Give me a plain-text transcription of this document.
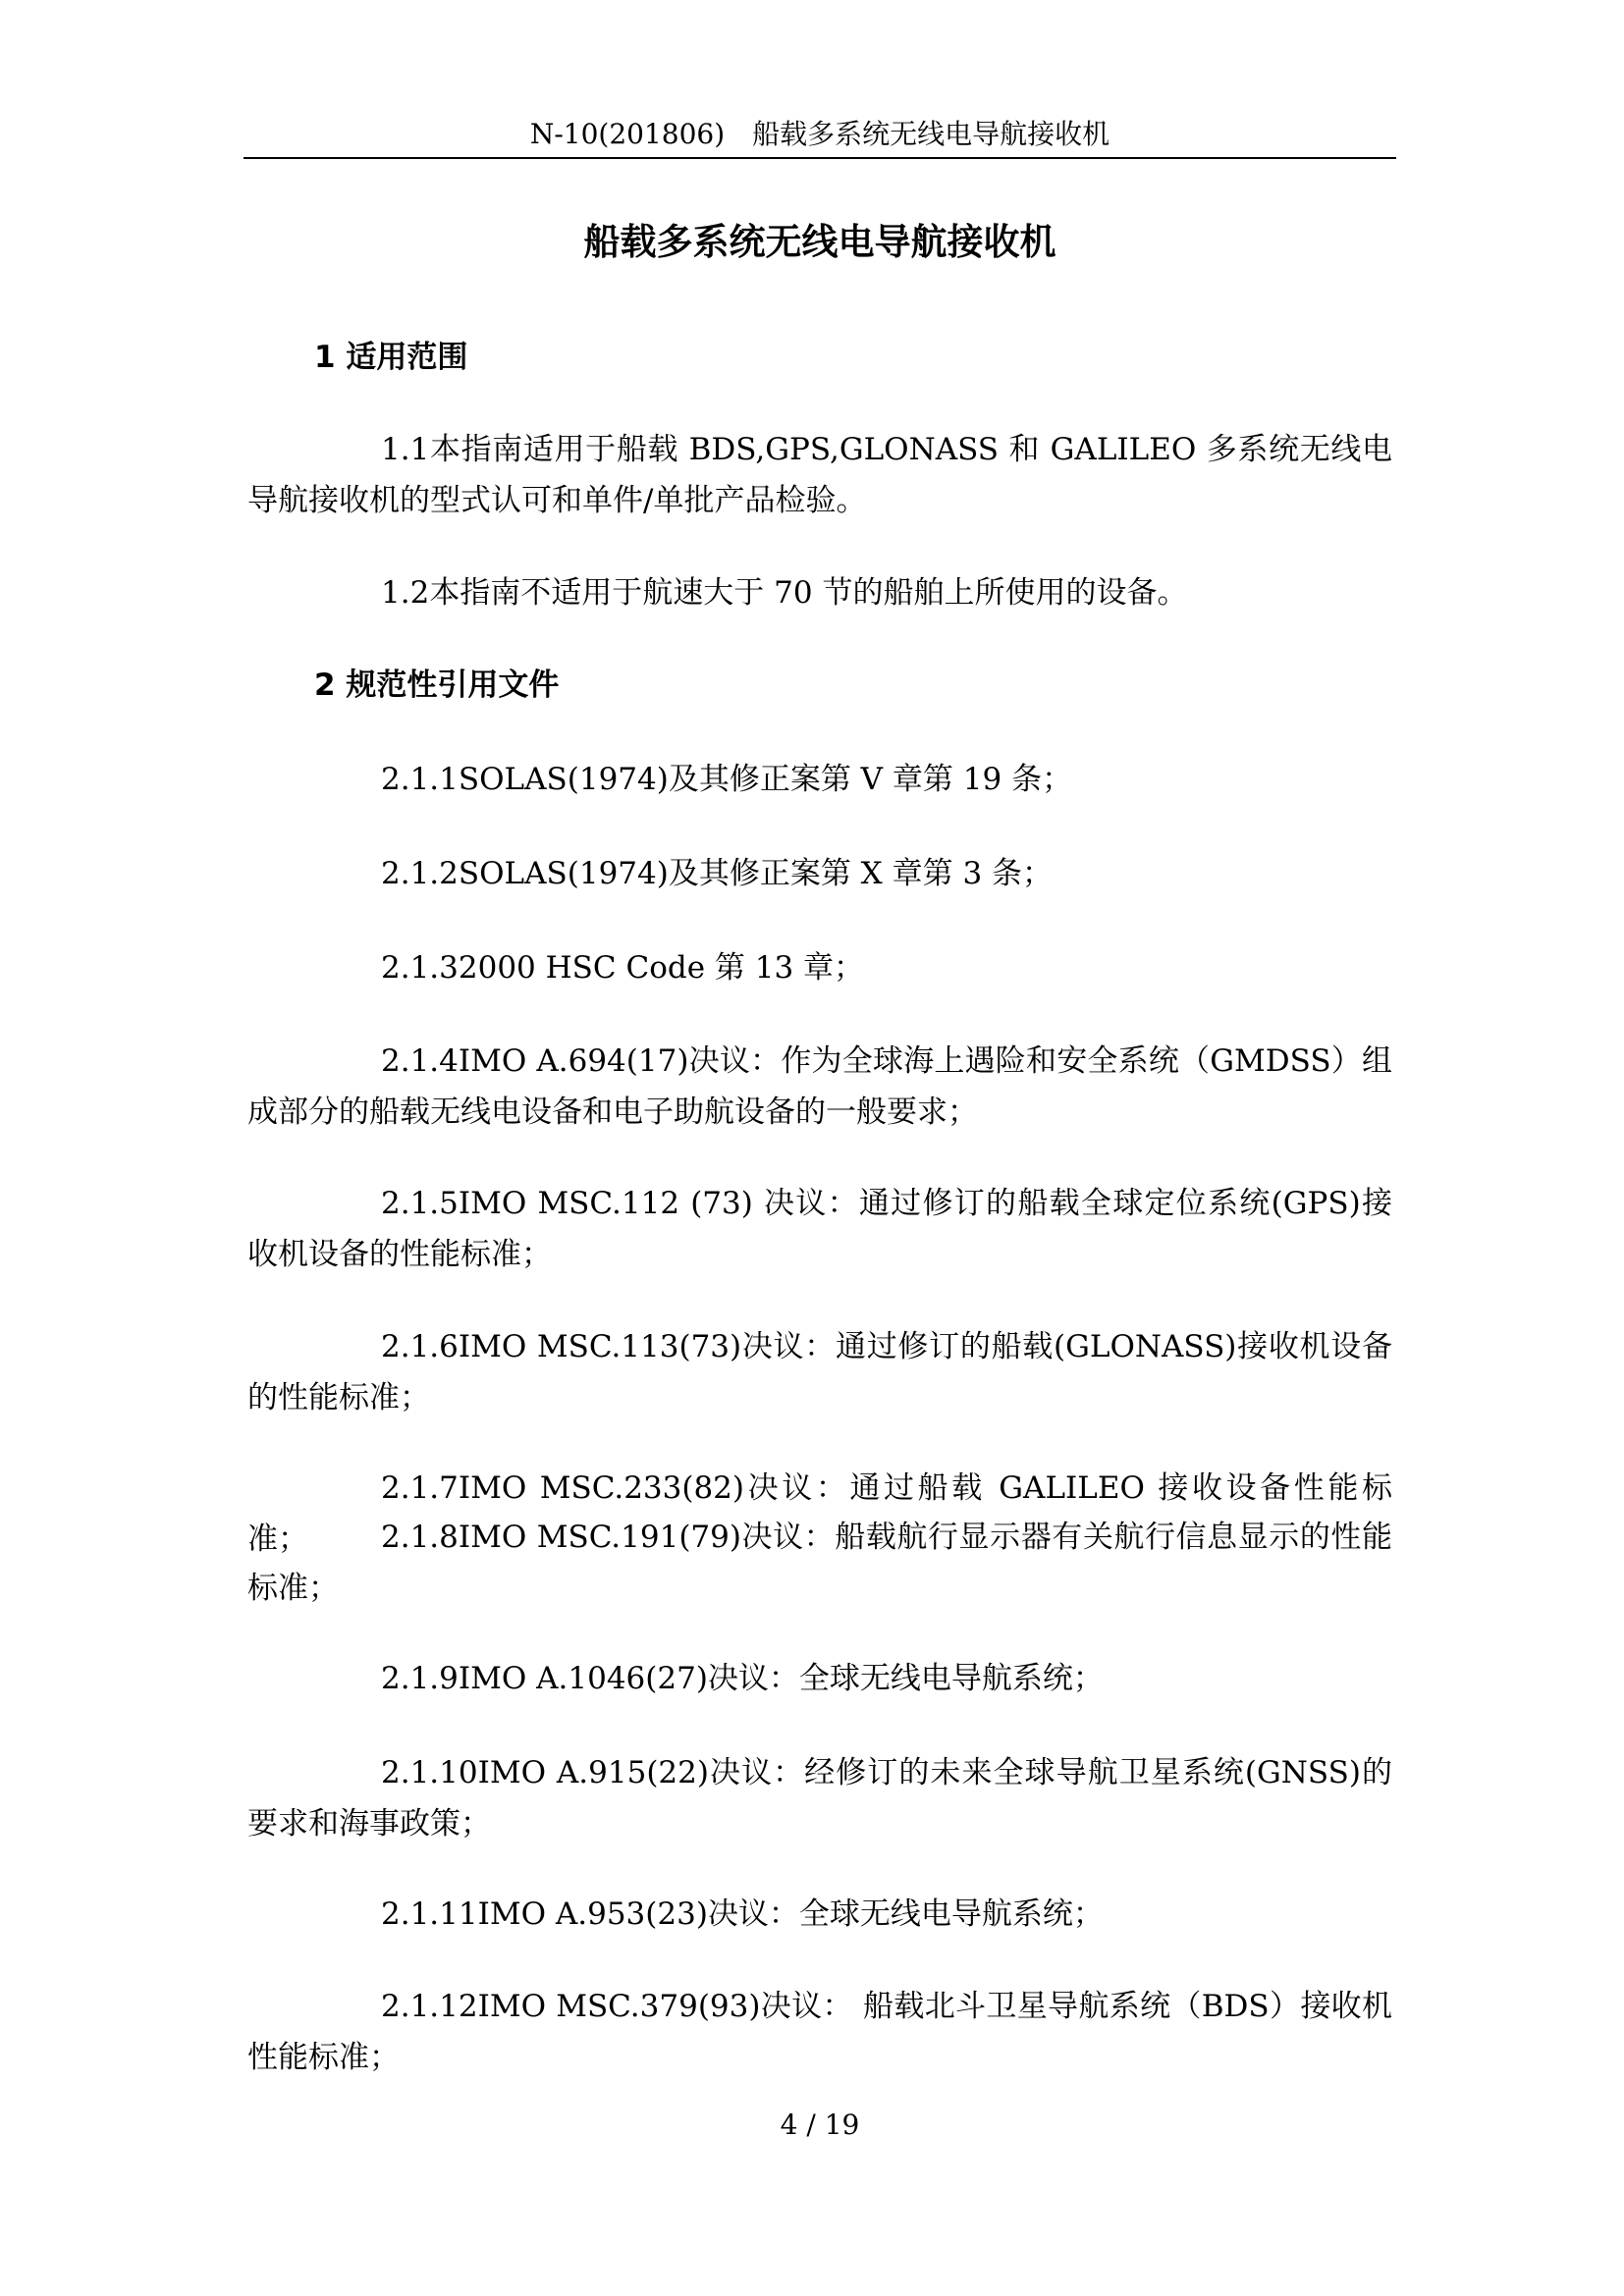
N-10(201806)　船载多系统无线电导航接收机
船载多系统无线电导航接收机
1 适用范围
1.1本指南适用于船载 BDS,GPS,GLONASS 和 GALILEO 多系统无线电导航接收机的型式认可和单件/单批产品检验。
1.2本指南不适用于航速大于 70 节的船舶上所使用的设备。
2 规范性引用文件
2.1.1SOLAS(1974)及其修正案第 V 章第 19 条；
2.1.2SOLAS(1974)及其修正案第 X 章第 3 条；
2.1.32000 HSC Code 第 13 章；
2.1.4IMO A.694(17)决议：作为全球海上遇险和安全系统（GMDSS）组成部分的船载无线电设备和电子助航设备的一般要求；
2.1.5IMO MSC.112 (73) 决议：通过修订的船载全球定位系统(GPS)接收机设备的性能标准；
2.1.6IMO MSC.113(73)决议：通过修订的船载(GLONASS)接收机设备的性能标准；
2.1.7IMO MSC.233(82)决议：通过船载 GALILEO 接收设备性能标准；	2.1.8IMO MSC.191(79)决议：船载航行显示器有关航行信息显示的性能标准；
2.1.9IMO A.1046(27)决议：全球无线电导航系统；
2.1.10IMO A.915(22)决议：经修订的未来全球导航卫星系统(GNSS)的要求和海事政策；
2.1.11IMO A.953(23)决议：全球无线电导航系统；
2.1.12IMO MSC.379(93)决议： 船载北斗卫星导航系统（BDS）接收机性能标准；
4 / 19
